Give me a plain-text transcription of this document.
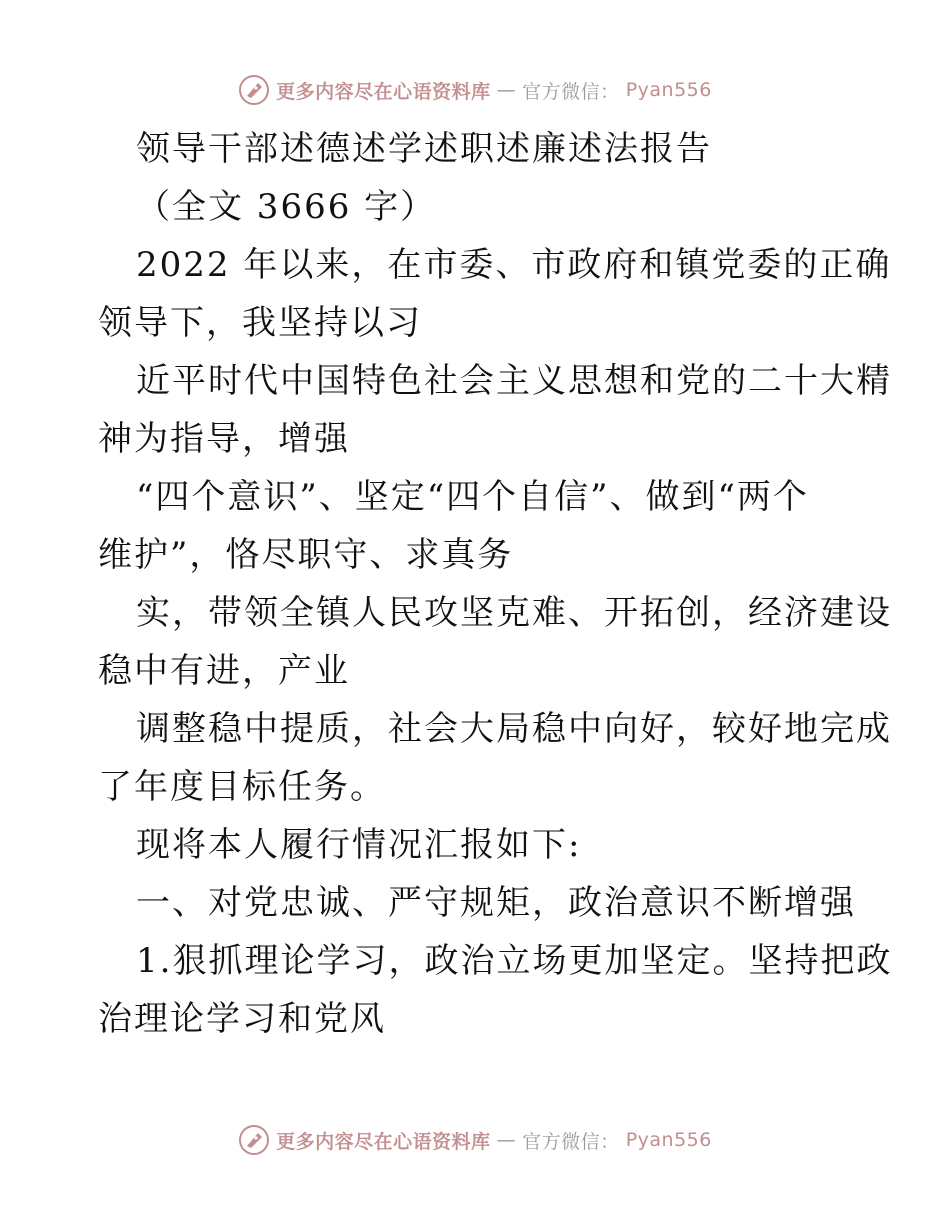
更多内容尽在心语资料库 — 官方微信： Pyan556
领导干部述德述学述职述廉述法报告
（全文 3666 字）
2022 年以来，在市委、市政府和镇党委的正确
领导下，我坚持以习
近平时代中国特色社会主义思想和党的二十大精
神为指导，增强
“四个意识”、坚定“四个自信”、做到“两个
维护”，恪尽职守、求真务
实，带领全镇人民攻坚克难、开拓创，经济建设
稳中有进，产业
调整稳中提质，社会大局稳中向好，较好地完成
了年度目标任务。
现将本人履行情况汇报如下:
一、对党忠诚、严守规矩，政治意识不断增强
1.狠抓理论学习，政治立场更加坚定。坚持把政
治理论学习和党风
更多内容尽在心语资料库 — 官方微信： Pyan556
